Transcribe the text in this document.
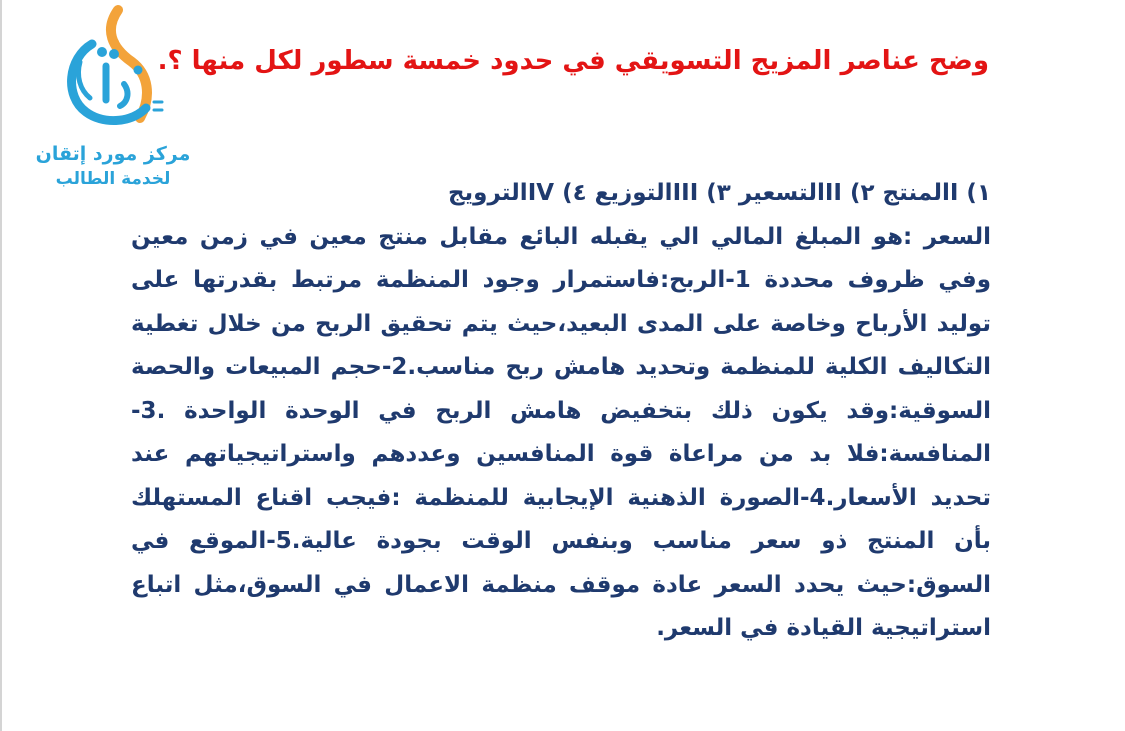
مركز مورد إتقان
لخدمة الطالب
وضح عناصر المزيج التسويقي في حدود خمسة سطور لكل منها ؟.

١) Iالمنتج ٢) IIالتسعير ٣) IIIالتوزيع ٤) IVالترويج

السعر :هو المبلغ المالي الي يقبله البائع مقابل منتج معين في زمن معين وفي ظروف محددة 1-الربح:فاستمرار وجود المنظمة مرتبط بقدرتها على توليد الأرباح وخاصة على المدى البعيد،حيث يتم تحقيق الربح من خلال تغطية التكاليف الكلية للمنظمة وتحديد هامش ربح مناسب.2-حجم المبيعات والحصة السوقية:وقد يكون ذلك بتخفيض هامش الربح في الوحدة الواحدة .3-المنافسة:فلا بد من مراعاة قوة المنافسين وعددهم واستراتيجياتهم عند تحديد الأسعار.4-الصورة الذهنية الإيجابية للمنظمة :فيجب اقناع المستهلك بأن المنتج ذو سعر مناسب وبنفس الوقت بجودة عالية.5-الموقع في السوق:حيث يحدد السعر عادة موقف منظمة الاعمال في السوق،مثل اتباع استراتيجية القيادة في السعر.
